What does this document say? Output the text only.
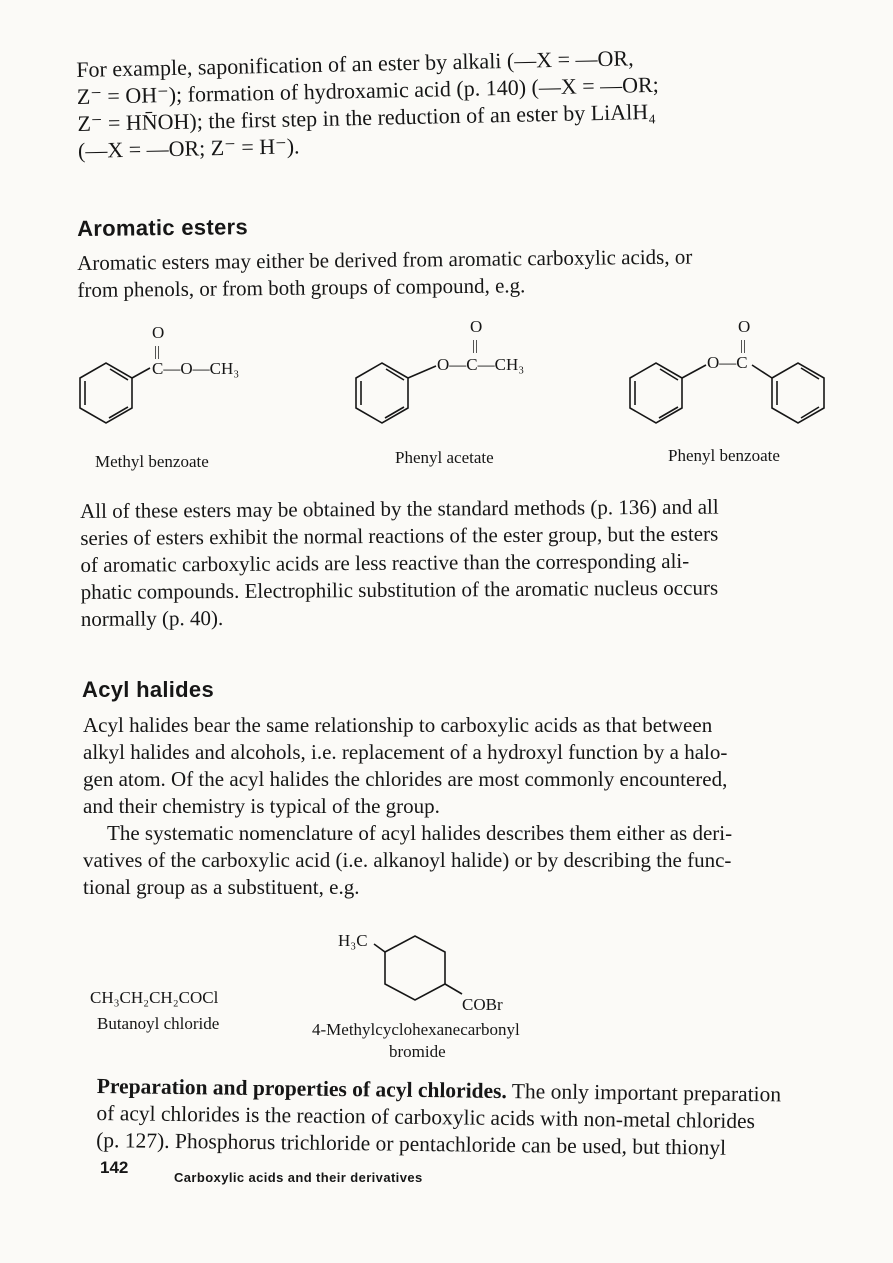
For example, saponification of an ester by alkali (—X = —OR,
Z⁻ = OH⁻); formation of hydroxamic acid (p. 140) (—X = —OR;
Z⁻ = HN̄OH); the first step in the reduction of an ester by LiAlH₄
(—X = —OR; Z⁻ = H⁻).
Aromatic esters
Aromatic esters may either be derived from aromatic carboxylic acids, or
from phenols, or from both groups of compound, e.g.
O
||
C—O—CH₃
Methyl benzoate
O
||
O—C—CH₃
Phenyl acetate
O
||
O—C
Phenyl benzoate
All of these esters may be obtained by the standard methods (p. 136) and all
series of esters exhibit the normal reactions of the ester group, but the esters
of aromatic carboxylic acids are less reactive than the corresponding ali-
phatic compounds. Electrophilic substitution of the aromatic nucleus occurs
normally (p. 40).
Acyl halides
Acyl halides bear the same relationship to carboxylic acids as that between
alkyl halides and alcohols, i.e. replacement of a hydroxyl function by a halo-
gen atom. Of the acyl halides the chlorides are most commonly encountered,
and their chemistry is typical of the group.
The systematic nomenclature of acyl halides describes them either as deri-
vatives of the carboxylic acid (i.e. alkanoyl halide) or by describing the func-
tional group as a substituent, e.g.
CH₃CH₂CH₂COCl
Butanoyl chloride
H₃C
COBr
4-Methylcyclohexanecarbonyl
bromide
Preparation and properties of acyl chlorides. The only important preparation
of acyl chlorides is the reaction of carboxylic acids with non-metal chlorides
(p. 127). Phosphorus trichloride or pentachloride can be used, but thionyl
142
Carboxylic acids and their derivatives
